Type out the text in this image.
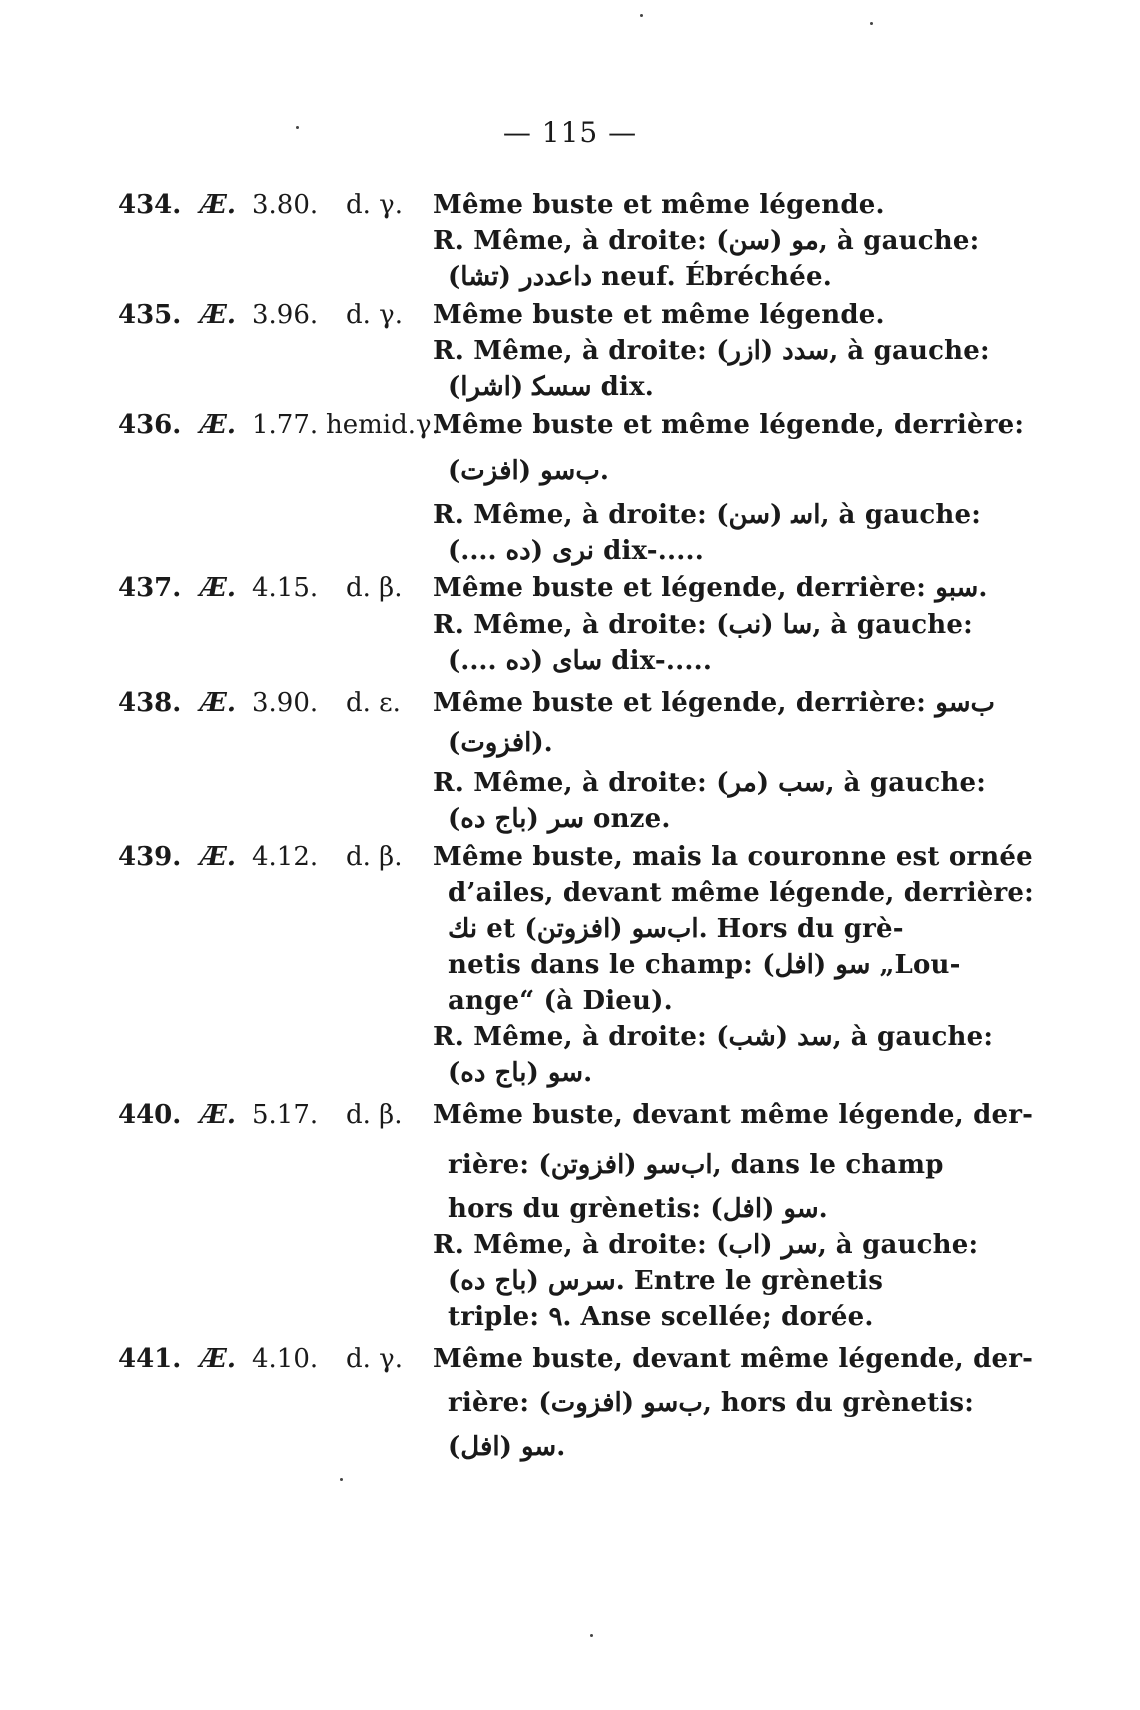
— 115 —
434. Æ. 3.80. d. γ. Même buste et même légende.
R. Même, à droite: ﻣﻮ (سن), à gauche:
ﺩﺍﻋﺪﺩﺭ (تشا) neuf. Ébréchée.
435. Æ. 3.96. d. γ. Même buste et même légende.
R. Même, à droite: ﺳﺪﺩ (ازر), à gauche:
ﺳﺴﮑ (اشرا) dix.
436. Æ. 1.77. hemid.γ.
Même buste et même légende, derrière:
ﺏﺳﻮ (افزت).
R. Même, à droite: ﺍﺳ (سن), à gauche:
ﻧﺮﻯ (ده ....) dix-.....
437. Æ. 4.15. d. β. Même buste et légende, derrière: ﺳﺒﻮ.
R. Même, à droite: ﺳﺎ (نب), à gauche:
ﺳﺎﻯ (ده ....) dix-.....
438. Æ. 3.90. d. ε. Même buste et légende, derrière: ﺏﺳﻮ
(افزوت).
R. Même, à droite: ﺳﺐ (مر), à gauche:
ﺳﺮ (باج ده) onze.
439. Æ. 4.12. d. β. Même buste, mais la couronne est ornée
d’ailes, devant même légende, derrière:
ﻧﻚ et ﺍﺏﺳﻮ (افزوتن). Hors du grè-
netis dans le champ: ﺳﻮ (افل) „Lou-
ange“ (à Dieu).
R. Même, à droite: ﺳﺪ (شب), à gauche:
ﺳﻮ (باج ده).
440. Æ. 5.17. d. β. Même buste, devant même légende, der-
rière: ﺍﺏﺳﻮ (افزوتن), dans le champ
hors du grènetis: ﺳﻮ (افل).
R. Même, à droite: ﺳﺮ (اب), à gauche:
ﺳﺮﺱ (باج ده). Entre le grènetis
triple: ٩. Anse scellée; dorée.
441. Æ. 4.10. d. γ. Même buste, devant même légende, der-
rière: ﺏﺳﻮ (افزوت), hors du grènetis:
ﺳﻮ (افل).
